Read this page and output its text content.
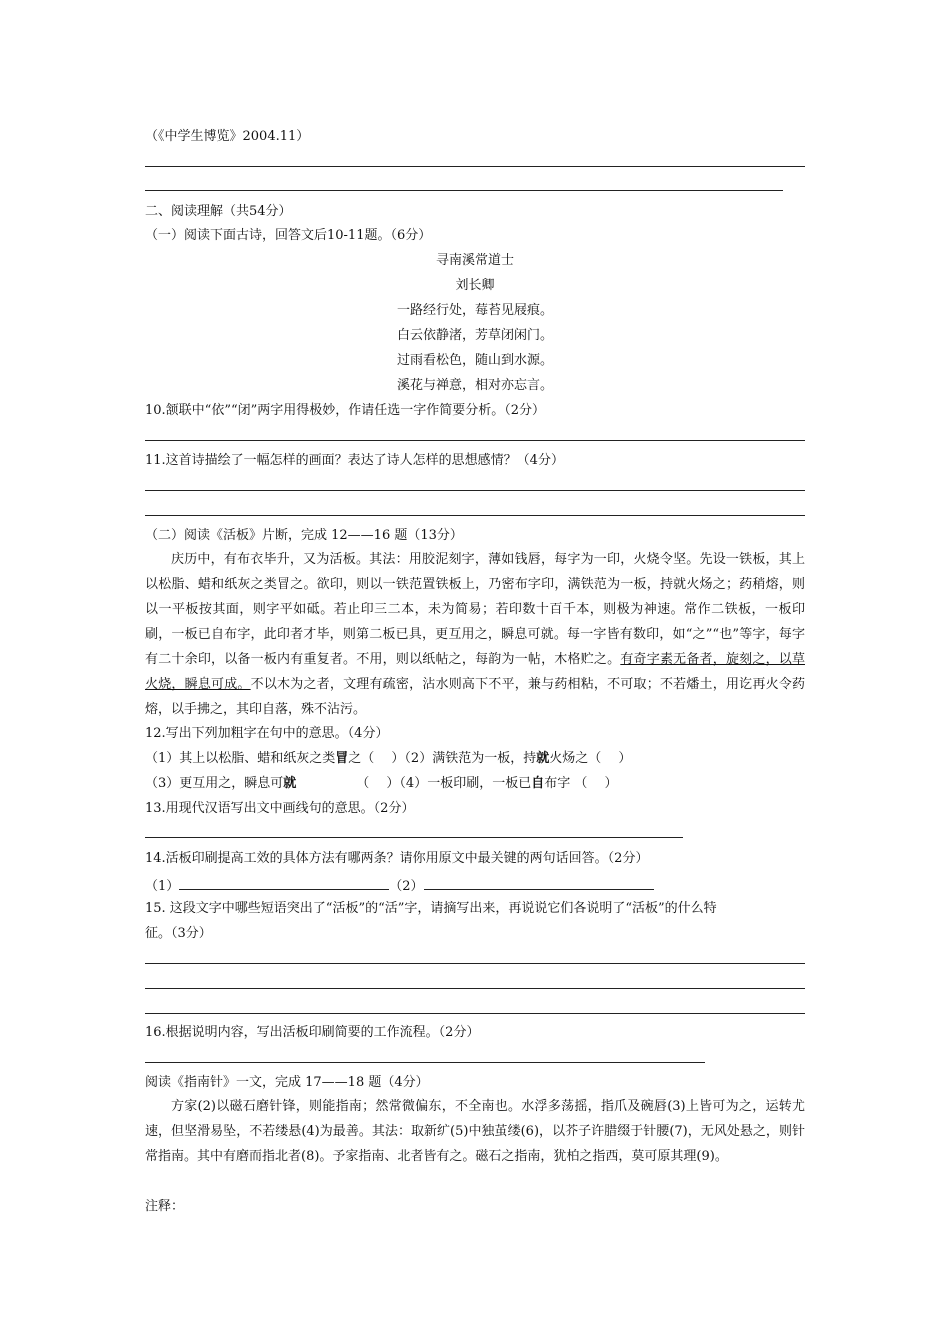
（《中学生博览》2004.11）
二、阅读理解（共54分）
（一）阅读下面古诗，回答文后10-11题。（6分）
寻南溪常道士
刘长卿
一路经行处，莓苔见屐痕。
白云依静渚，芳草闭闲门。
过雨看松色，随山到水源。
溪花与禅意，相对亦忘言。
10.颔联中“依”“闭”两字用得极妙，作请任选一字作简要分析。（2分）
11.这首诗描绘了一幅怎样的画面？表达了诗人怎样的思想感情？（4分）
（二）阅读《活板》片断，完成 12——16 题（13分）

庆历中，有布衣毕升，又为活板。其法：用胶泥刻字，薄如钱唇，每字为一印，火烧令坚。先设一铁板，其上以松脂、蜡和纸灰之类冒之。欲印，则以一铁范置铁板上，乃密布字印，满铁范为一板，持就火炀之；药稍熔，则以一平板按其面，则字平如砥。若止印三二本，未为简易；若印数十百千本，则极为神速。常作二铁板，一板印刷，一板已自布字，此印者才毕，则第二板已具，更互用之，瞬息可就。每一字皆有数印，如“之”“也”等字，每字有二十余印，以备一板内有重复者。不用，则以纸帖之，每韵为一帖，木格贮之。有奇字素无备者，旋刻之，以草火烧，瞬息可成。不以木为之者，文理有疏密，沾水则高下不平，兼与药相粘，不可取；不若燔土，用讫再火令药熔，以手拂之，其印自落，殊不沾污。

12.写出下列加粗字在句中的意思。（4分）
（1）其上以松脂、蜡和纸灰之类冒之（　 ）（2）满铁范为一板，持就火炀之（　 ）
（3）更互用之，瞬息可就	（　 ）（4）一板印刷，一板已自布字 （　 ）
13.用现代汉语写出文中画线句的意思。（2分）
14.活板印刷提高工效的具体方法有哪两条？请你用原文中最关键的两句话回答。（2分）
（1）	（2）
15. 这段文字中哪些短语突出了“活板”的“活”字，请摘写出来，再说说它们各说明了“活板”的什么特
征。（3分）
16.根据说明内容，写出活板印刷简要的工作流程。（2分）
阅读《指南针》一文，完成 17——18 题（4分）

方家(2)以磁石磨针锋，则能指南；然常微偏东，不全南也。水浮多荡摇，指爪及碗唇(3)上皆可为之，运转尤速，但坚滑易坠，不若缕悬(4)为最善。其法：取新纩(5)中独茧缕(6)，以芥子许腊缀于针腰(7)，无风处悬之，则针常指南。其中有磨而指北者(8)。予家指南、北者皆有之。磁石之指南，犹柏之指西，莫可原其理(9)。

注释：
